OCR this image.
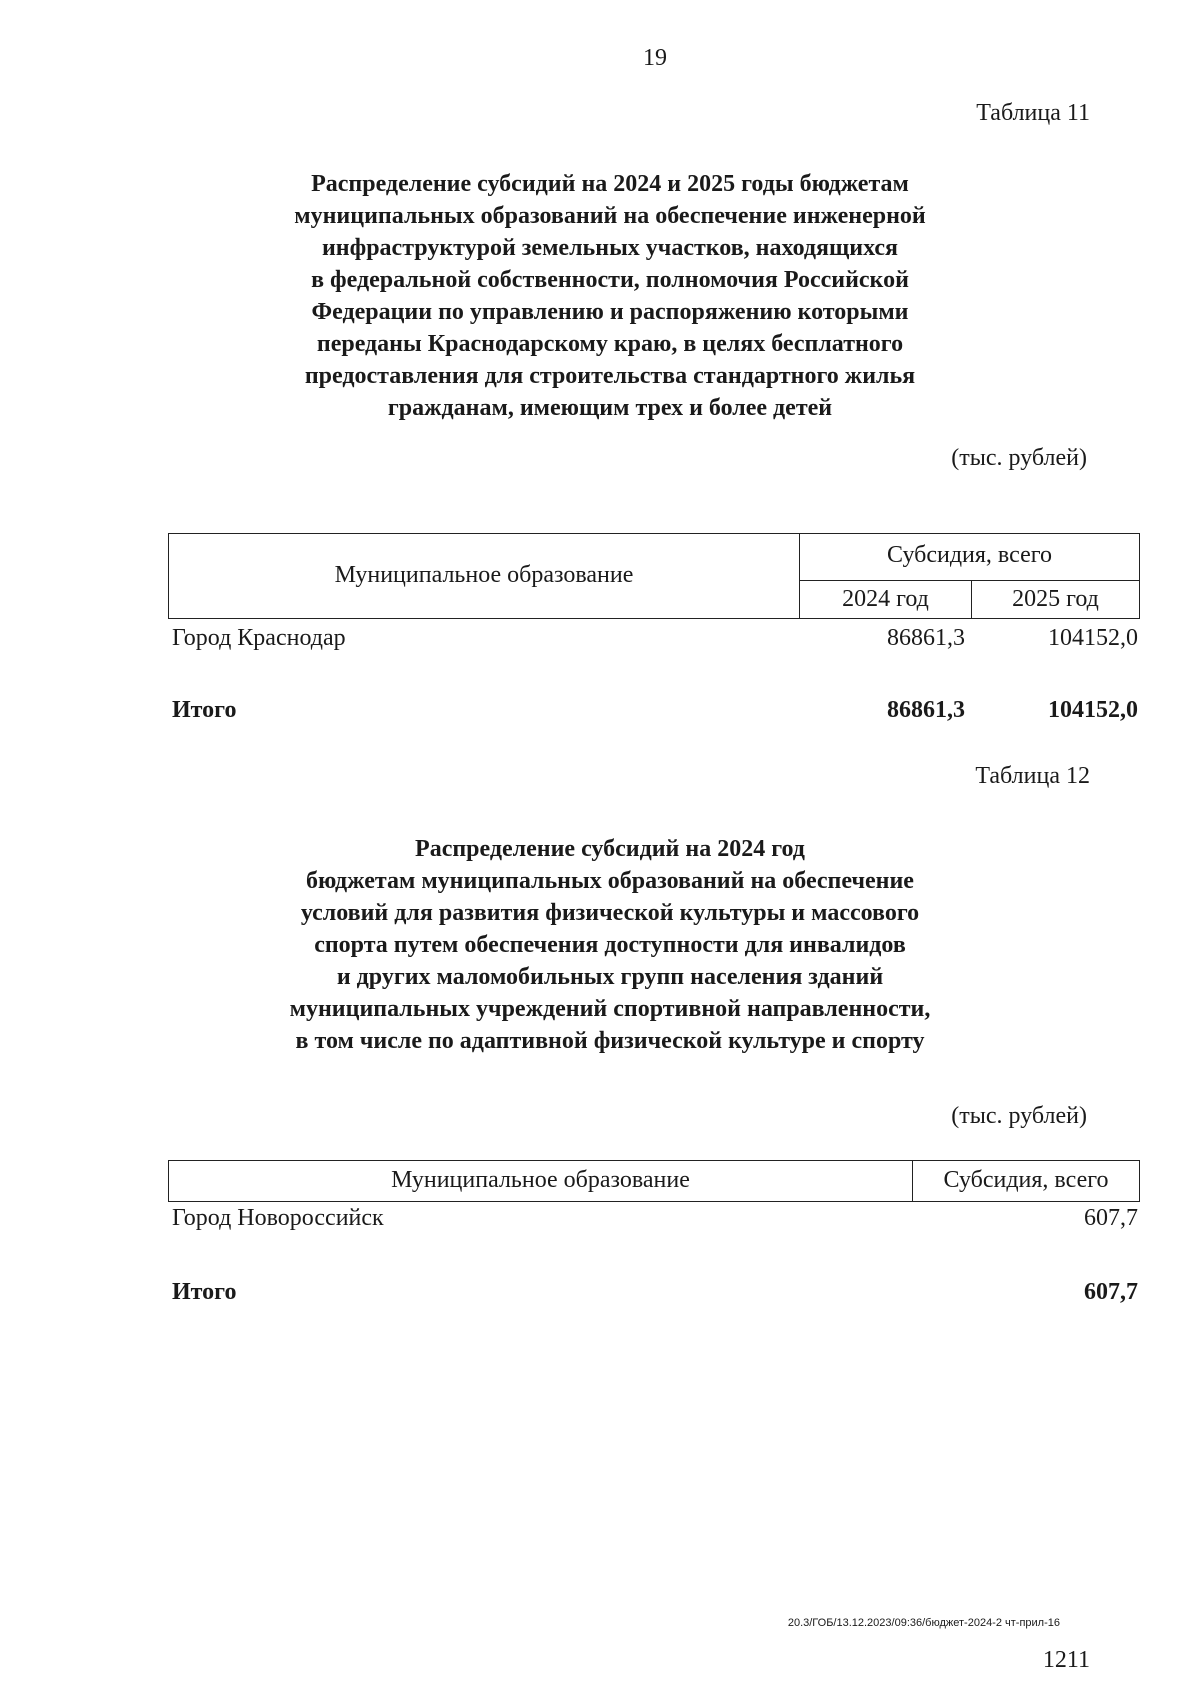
19
Таблица 11
Распределение субсидий на 2024 и 2025 годы бюджетам
муниципальных образований на обеспечение инженерной
инфраструктурой земельных участков, находящихся
в федеральной собственности, полномочия Российской
Федерации по управлению и распоряжению которыми
переданы Краснодарскому краю, в целях бесплатного
предоставления для строительства стандартного жилья
гражданам, имеющим трех и более детей
(тыс. рублей)
Муниципальное образование
Субсидия, всего
2024 год	2025 год
Город Краснодар	86861,3	104152,0
Итого	86861,3	104152,0
Таблица 12
Распределение субсидий на 2024 год
бюджетам муниципальных образований на обеспечение
условий для развития физической культуры и массового
спорта путем обеспечения доступности для инвалидов
и других маломобильных групп населения зданий
муниципальных учреждений спортивной направленности,
в том числе по адаптивной физической культуре и спорту
(тыс. рублей)
Муниципальное образование	Субсидия, всего
Город Новороссийск	607,7
Итого	607,7
20.3/ГОБ/13.12.2023/09:36/бюджет-2024-2 чт-прил-16
1211
